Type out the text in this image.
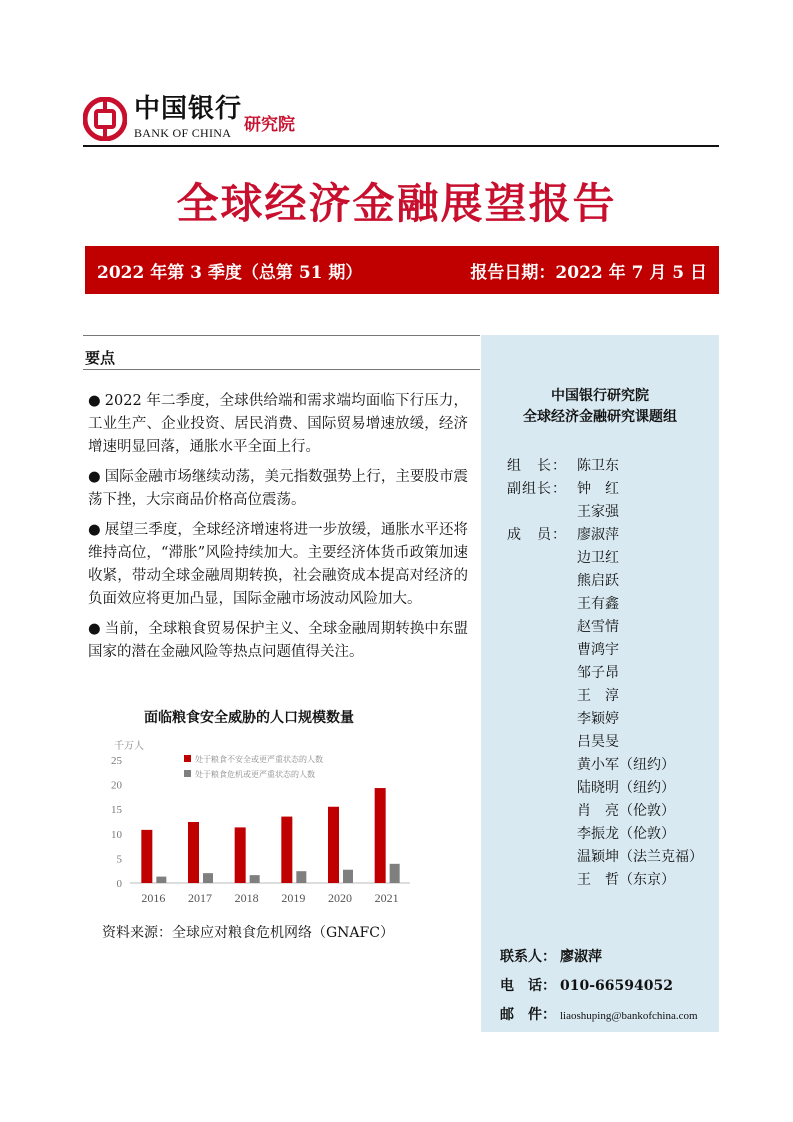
中国银行
BANK OF CHINA 研究院
全球经济金融展望报告
2022 年第 3 季度（总第 51 期）	报告日期：2022 年 7 月 5 日
要点
● 2022 年二季度，全球供给端和需求端均面临下行压力，工业生产、企业投资、居民消费、国际贸易增速放缓，经济增速明显回落，通胀水平全面上行。
● 国际金融市场继续动荡，美元指数强势上行，主要股市震荡下挫，大宗商品价格高位震荡。
● 展望三季度，全球经济增速将进一步放缓，通胀水平还将维持高位，“滞胀”风险持续加大。主要经济体货币政策加速收紧，带动全球金融周期转换，社会融资成本提高对经济的负面效应将更加凸显，国际金融市场波动风险加大。
● 当前，全球粮食贸易保护主义、全球金融周期转换中东盟国家的潜在金融风险等热点问题值得关注。
面临粮食安全威胁的人口规模数量
千万人
0
5
10
15
20
25
2016 2017 2018 2019 2020 2021
处于粮食不安全或更严重状态的人数
处于粮食危机或更严重状态的人数
资料来源：全球应对粮食危机网络（GNAFC）
中国银行研究院
全球经济金融研究课题组
组　长： 陈卫东
副组长： 钟　红
王家强
成　员： 廖淑萍
边卫红
熊启跃
王有鑫
赵雪情
曹鸿宇
邹子昂
王　淳
李颖婷
吕昊旻
黄小军（纽约）
陆晓明（纽约）
肖　亮（伦敦）
李振龙（伦敦）
温颖坤（法兰克福）
王　哲（东京）
联系人： 廖淑萍
电　话： 010-66594052
邮　件： liaoshuping@bankofchina.com
